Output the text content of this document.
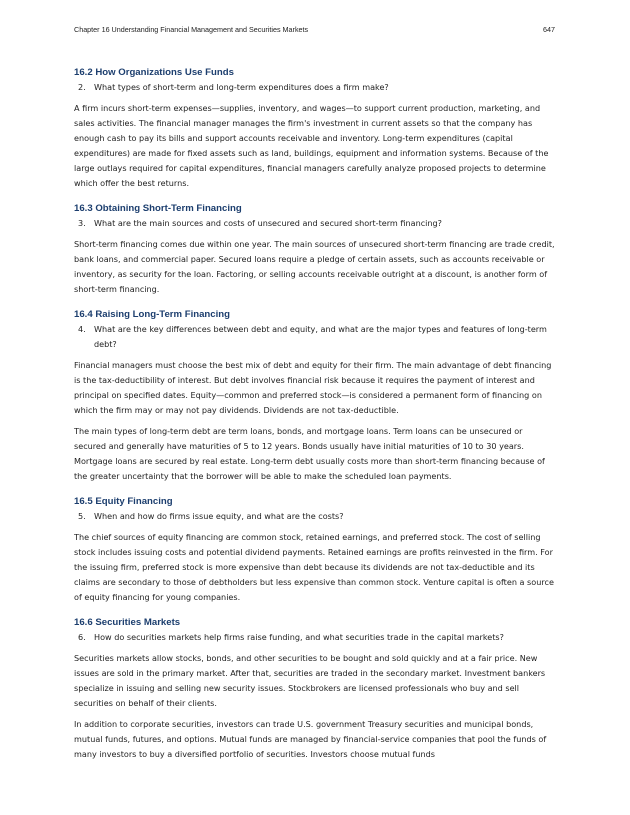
Chapter 16 Understanding Financial Management and Securities Markets	647
16.2 How Organizations Use Funds
2. What types of short-term and long-term expenditures does a firm make?

A firm incurs short-term expenses—supplies, inventory, and wages—to support current production, marketing, and sales activities. The financial manager manages the firm's investment in current assets so that the company has enough cash to pay its bills and support accounts receivable and inventory. Long-term expenditures (capital expenditures) are made for fixed assets such as land, buildings, equipment and information systems. Because of the large outlays required for capital expenditures, financial managers carefully analyze proposed projects to determine which offer the best returns.

16.3 Obtaining Short-Term Financing
3. What are the main sources and costs of unsecured and secured short-term financing?

Short-term financing comes due within one year. The main sources of unsecured short-term financing are trade credit, bank loans, and commercial paper. Secured loans require a pledge of certain assets, such as accounts receivable or inventory, as security for the loan. Factoring, or selling accounts receivable outright at a discount, is another form of short-term financing.

16.4 Raising Long-Term Financing
4. What are the key differences between debt and equity, and what are the major types and features of long-term debt?

Financial managers must choose the best mix of debt and equity for their firm. The main advantage of debt financing is the tax-deductibility of interest. But debt involves financial risk because it requires the payment of interest and principal on specified dates. Equity—common and preferred stock—is considered a permanent form of financing on which the firm may or may not pay dividends. Dividends are not tax-deductible.

The main types of long-term debt are term loans, bonds, and mortgage loans. Term loans can be unsecured or secured and generally have maturities of 5 to 12 years. Bonds usually have initial maturities of 10 to 30 years. Mortgage loans are secured by real estate. Long-term debt usually costs more than short-term financing because of the greater uncertainty that the borrower will be able to make the scheduled loan payments.

16.5 Equity Financing
5. When and how do firms issue equity, and what are the costs?

The chief sources of equity financing are common stock, retained earnings, and preferred stock. The cost of selling stock includes issuing costs and potential dividend payments. Retained earnings are profits reinvested in the firm. For the issuing firm, preferred stock is more expensive than debt because its dividends are not tax-deductible and its claims are secondary to those of debtholders but less expensive than common stock. Venture capital is often a source of equity financing for young companies.

16.6 Securities Markets
6. How do securities markets help firms raise funding, and what securities trade in the capital markets?

Securities markets allow stocks, bonds, and other securities to be bought and sold quickly and at a fair price. New issues are sold in the primary market. After that, securities are traded in the secondary market. Investment bankers specialize in issuing and selling new security issues. Stockbrokers are licensed professionals who buy and sell securities on behalf of their clients.

In addition to corporate securities, investors can trade U.S. government Treasury securities and municipal bonds, mutual funds, futures, and options. Mutual funds are managed by financial-service companies that pool the funds of many investors to buy a diversified portfolio of securities. Investors choose mutual funds
